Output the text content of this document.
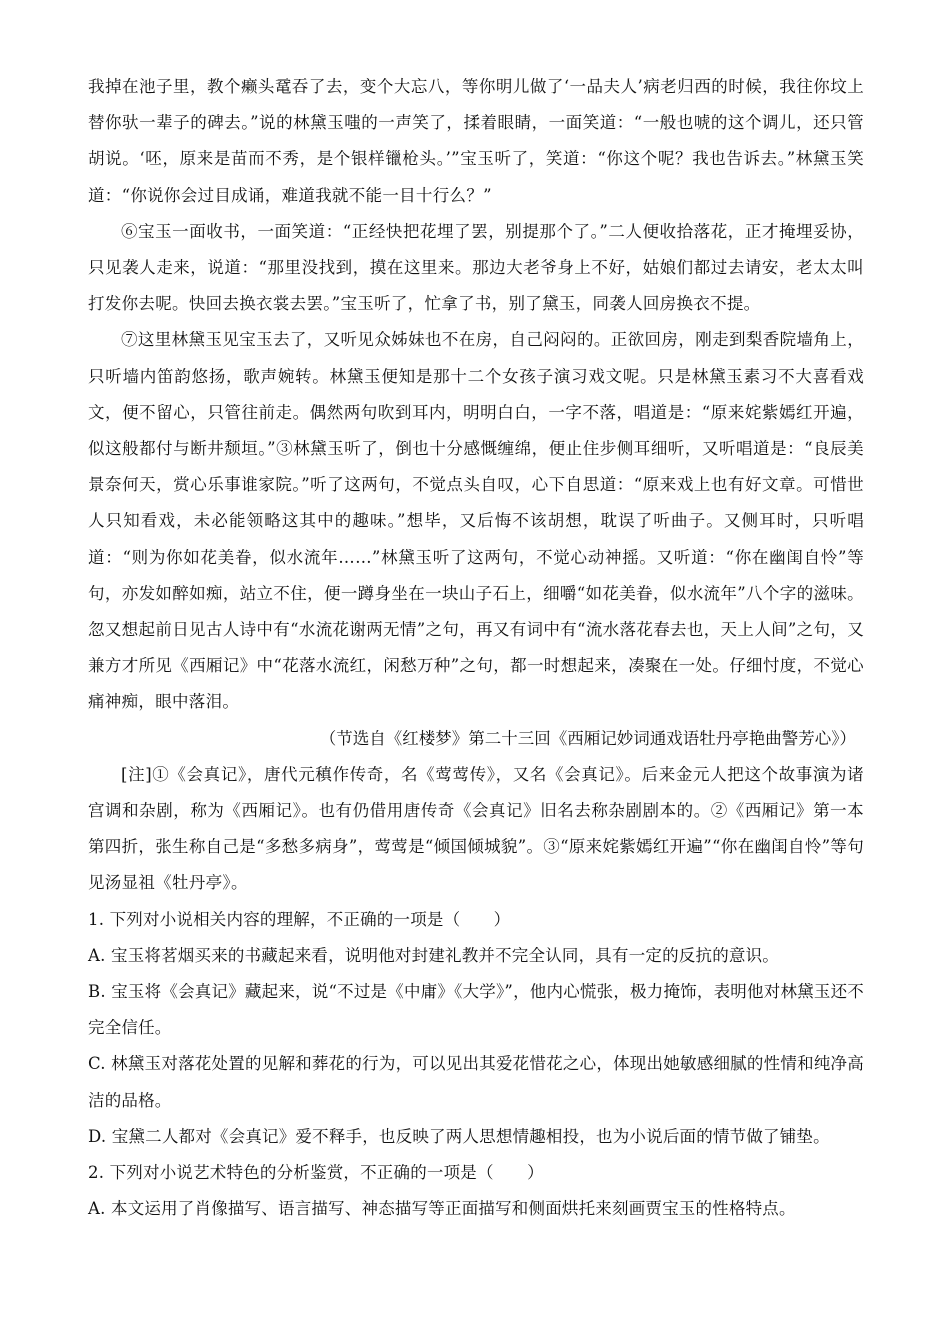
我掉在池子里，教个癞头鼋吞了去，变个大忘八，等你明儿做了‘一品夫人’病老归西的时候，我往你坟上替你驮一辈子的碑去。”说的林黛玉嗤的一声笑了，揉着眼睛，一面笑道：“一般也唬的这个调儿，还只管胡说。‘呸，原来是苗而不秀，是个银样镴枪头。’”宝玉听了，笑道：“你这个呢？我也告诉去。”林黛玉笑道：“你说你会过目成诵，难道我就不能一目十行么？”

⑥宝玉一面收书，一面笑道：“正经快把花埋了罢，别提那个了。”二人便收拾落花，正才掩埋妥协，只见袭人走来，说道：“那里没找到，摸在这里来。那边大老爷身上不好，姑娘们都过去请安，老太太叫打发你去呢。快回去换衣裳去罢。”宝玉听了，忙拿了书，别了黛玉，同袭人回房换衣不提。

⑦这里林黛玉见宝玉去了，又听见众姊妹也不在房，自己闷闷的。正欲回房，刚走到梨香院墙角上，只听墙内笛韵悠扬，歌声婉转。林黛玉便知是那十二个女孩子演习戏文呢。只是林黛玉素习不大喜看戏文，便不留心，只管往前走。偶然两句吹到耳内，明明白白，一字不落，唱道是：“原来姹紫嫣红开遍，似这般都付与断井颓垣。”③林黛玉听了，倒也十分感慨缠绵，便止住步侧耳细听，又听唱道是：“良辰美景奈何天，赏心乐事谁家院。”听了这两句，不觉点头自叹，心下自思道：“原来戏上也有好文章。可惜世人只知看戏，未必能领略这其中的趣味。”想毕，又后悔不该胡想，耽误了听曲子。又侧耳时，只听唱道：“则为你如花美眷，似水流年……”林黛玉听了这两句，不觉心动神摇。又听道：“你在幽闺自怜”等句，亦发如醉如痴，站立不住，便一蹲身坐在一块山子石上，细嚼“如花美眷，似水流年”八个字的滋味。忽又想起前日见古人诗中有“水流花谢两无情”之句，再又有词中有“流水落花春去也，天上人间”之句，又兼方才所见《西厢记》中“花落水流红，闲愁万种”之句，都一时想起来，凑聚在一处。仔细忖度，不觉心痛神痴，眼中落泪。

（节选自《红楼梦》第二十三回《西厢记妙词通戏语牡丹亭艳曲警芳心》）

[注]①《会真记》，唐代元稹作传奇，名《莺莺传》，又名《会真记》。后来金元人把这个故事演为诸宫调和杂剧，称为《西厢记》。也有仍借用唐传奇《会真记》旧名去称杂剧剧本的。②《西厢记》第一本第四折，张生称自己是“多愁多病身”，莺莺是“倾国倾城貌”。③“原来姹紫嫣红开遍”“你在幽闺自怜”等句见汤显祖《牡丹亭》。

1. 下列对小说相关内容的理解，不正确的一项是（　　）

A. 宝玉将茗烟买来的书藏起来看，说明他对封建礼教并不完全认同，具有一定的反抗的意识。

B. 宝玉将《会真记》藏起来，说“不过是《中庸》《大学》”，他内心慌张，极力掩饰，表明他对林黛玉还不完全信任。

C. 林黛玉对落花处置的见解和葬花的行为，可以见出其爱花惜花之心，体现出她敏感细腻的性情和纯净高洁的品格。

D. 宝黛二人都对《会真记》爱不释手，也反映了两人思想情趣相投，也为小说后面的情节做了铺垫。

2. 下列对小说艺术特色的分析鉴赏，不正确的一项是（　　）

A. 本文运用了肖像描写、语言描写、神态描写等正面描写和侧面烘托来刻画贾宝玉的性格特点。
